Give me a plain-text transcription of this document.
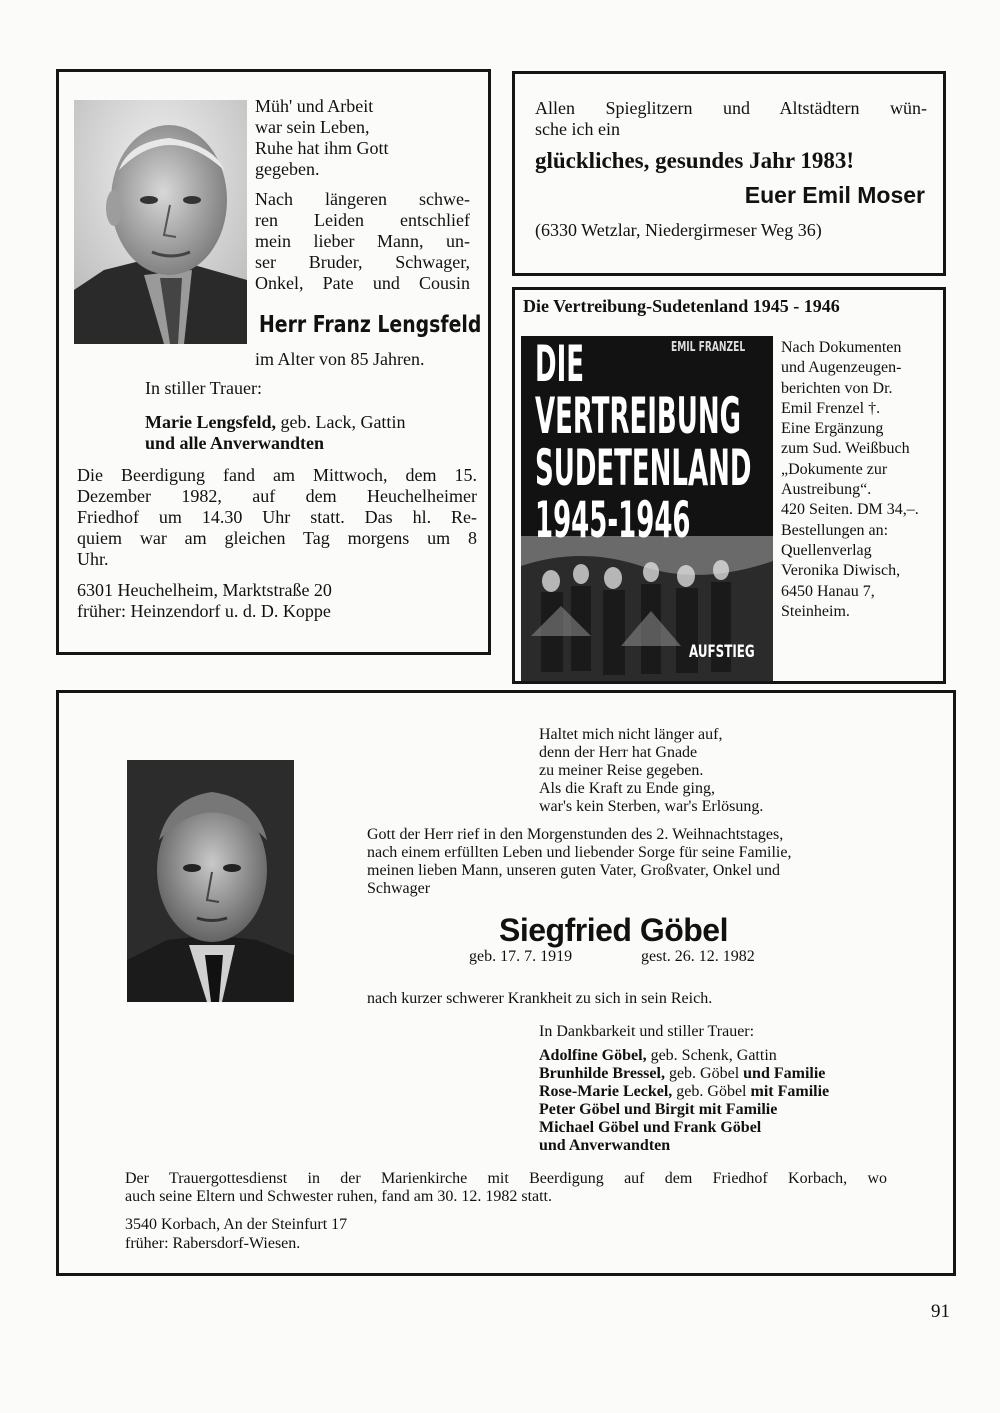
Müh' und Arbeit
war sein Leben,
Ruhe hat ihm Gott
gegeben.
Nach längeren schwe-
ren Leiden entschlief
mein lieber Mann, un-
ser Bruder, Schwager,
Onkel, Pate und Cousin
Herr Franz Lengsfeld
im Alter von 85 Jahren.
In stiller Trauer:
Marie Lengsfeld, geb. Lack, Gattin
und alle Anverwandten
Die Beerdigung fand am Mittwoch, dem 15.
Dezember 1982, auf dem Heuchelheimer
Friedhof um 14.30 Uhr statt. Das hl. Re-
quiem war am gleichen Tag morgens um 8
Uhr.
6301 Heuchelheim, Marktstraße 20
früher: Heinzendorf u. d. D. Koppe
Allen Spieglitzern und Altstädtern wün-
sche ich ein
glückliches, gesundes Jahr 1983!
Euer Emil Moser
(6330 Wetzlar, Niedergirmeser Weg 36)
Die Vertreibung-Sudetenland 1945 - 1946
EMIL FRANZEL
DIE
VERTREIBUNG
SUDETENLAND
1945-1946
AUFSTIEG
Nach Dokumenten
und Augenzeugen-
berichten von Dr.
Emil Frenzel †.
Eine Ergänzung
zum Sud. Weißbuch
„Dokumente zur
Austreibung“.
420 Seiten. DM 34,–.
Bestellungen an:
Quellenverlag
Veronika Diwisch,
6450 Hanau 7,
Steinheim.
Haltet mich nicht länger auf,
denn der Herr hat Gnade
zu meiner Reise gegeben.
Als die Kraft zu Ende ging,
war's kein Sterben, war's Erlösung.
Gott der Herr rief in den Morgenstunden des 2. Weihnachtstages,
nach einem erfüllten Leben und liebender Sorge für seine Familie,
meinen lieben Mann, unseren guten Vater, Großvater, Onkel und
Schwager
Siegfried Göbel
geb. 17. 7. 1919	gest. 26. 12. 1982
nach kurzer schwerer Krankheit zu sich in sein Reich.
In Dankbarkeit und stiller Trauer:
Adolfine Göbel, geb. Schenk, Gattin
Brunhilde Bressel, geb. Göbel und Familie
Rose-Marie Leckel, geb. Göbel mit Familie
Peter Göbel und Birgit mit Familie
Michael Göbel und Frank Göbel
und Anverwandten
Der Trauergottesdienst in der Marienkirche mit Beerdigung auf dem Friedhof Korbach, wo
auch seine Eltern und Schwester ruhen, fand am 30. 12. 1982 statt.
3540 Korbach, An der Steinfurt 17
früher: Rabersdorf-Wiesen.
91
